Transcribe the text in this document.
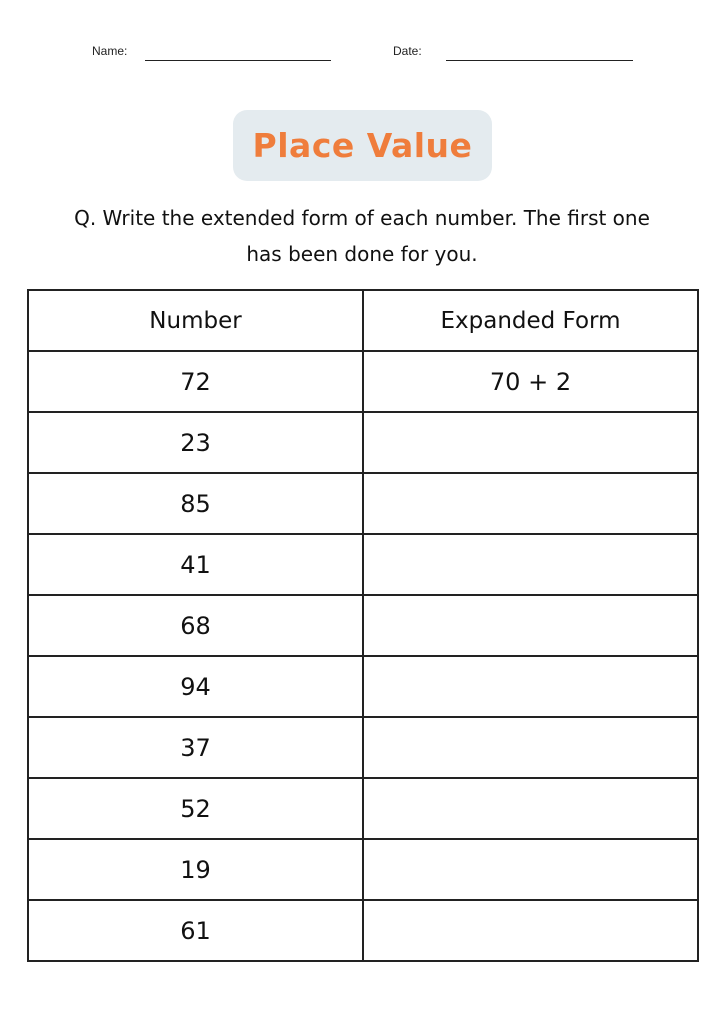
Name:	Date:
Place Value
Q. Write the extended form of each number. The first one
has been done for you.
Number	Expanded Form
72	70 + 2
23	
85	
41	
68	
94	
37	
52	
19	
61	
